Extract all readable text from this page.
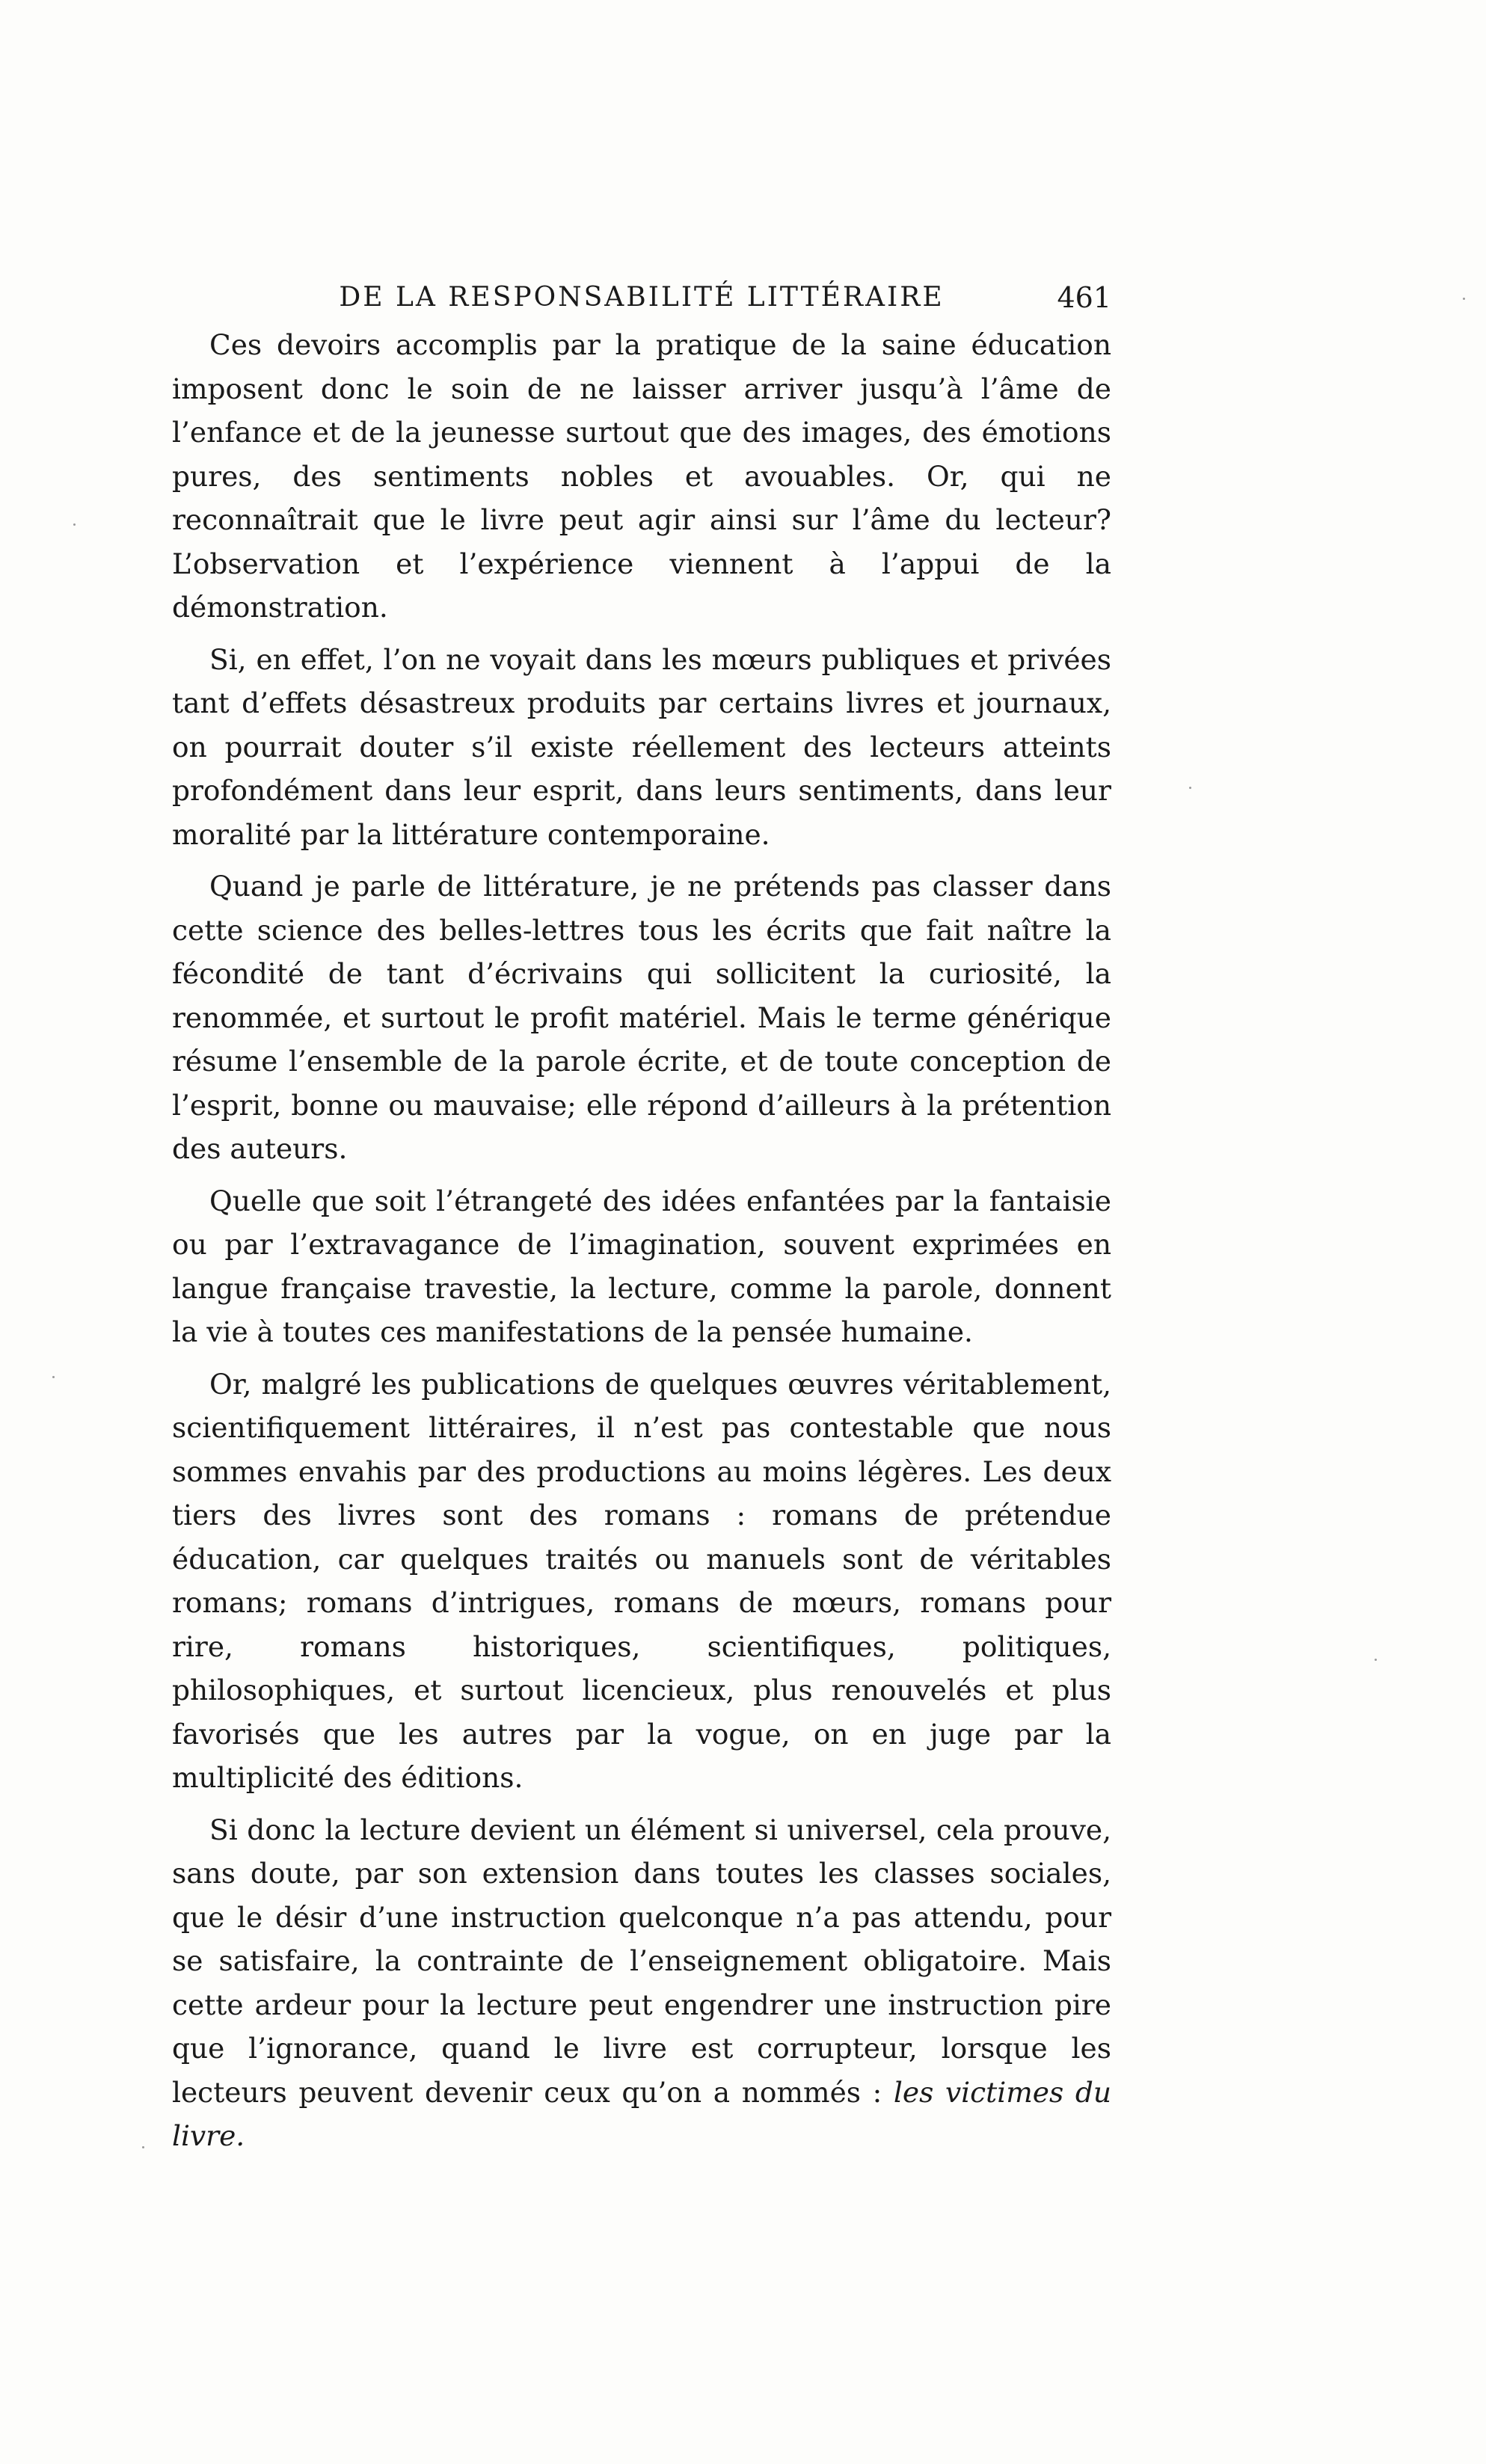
DE LA RESPONSABILITÉ LITTÉRAIRE	461

Ces devoirs accomplis par la pratique de la saine éducation imposent donc le soin de ne laisser arriver jusqu’à l’âme de l’enfance et de la jeunesse surtout que des images, des émotions pures, des sentiments nobles et avouables. Or, qui ne reconnaîtrait que le livre peut agir ainsi sur l’âme du lecteur? L’observation et l’expérience viennent à l’appui de la démonstration.

Si, en effet, l’on ne voyait dans les mœurs publiques et privées tant d’effets désastreux produits par certains livres et journaux, on pourrait douter s’il existe réellement des lecteurs atteints profondément dans leur esprit, dans leurs sentiments, dans leur moralité par la littérature contemporaine.

Quand je parle de littérature, je ne prétends pas classer dans cette science des belles-lettres tous les écrits que fait naître la fécondité de tant d’écrivains qui sollicitent la curiosité, la renommée, et surtout le profit matériel. Mais le terme générique résume l’ensemble de la parole écrite, et de toute conception de l’esprit, bonne ou mauvaise; elle répond d’ailleurs à la prétention des auteurs.

Quelle que soit l’étrangeté des idées enfantées par la fantaisie ou par l’extravagance de l’imagination, souvent exprimées en langue française travestie, la lecture, comme la parole, donnent la vie à toutes ces manifestations de la pensée humaine.

Or, malgré les publications de quelques œuvres véritablement, scientifiquement littéraires, il n’est pas contestable que nous sommes envahis par des productions au moins légères. Les deux tiers des livres sont des romans : romans de prétendue éducation, car quelques traités ou manuels sont de véritables romans; romans d’intrigues, romans de mœurs, romans pour rire, romans historiques, scientifiques, politiques, philosophiques, et surtout licencieux, plus renouvelés et plus favorisés que les autres par la vogue, on en juge par la multiplicité des éditions.

Si donc la lecture devient un élément si universel, cela prouve, sans doute, par son extension dans toutes les classes sociales, que le désir d’une instruction quelconque n’a pas attendu, pour se satisfaire, la contrainte de l’enseignement obligatoire. Mais cette ardeur pour la lecture peut engendrer une instruction pire que l’ignorance, quand le livre est corrupteur, lorsque les lecteurs peuvent devenir ceux qu’on a nommés : les victimes du livre.
